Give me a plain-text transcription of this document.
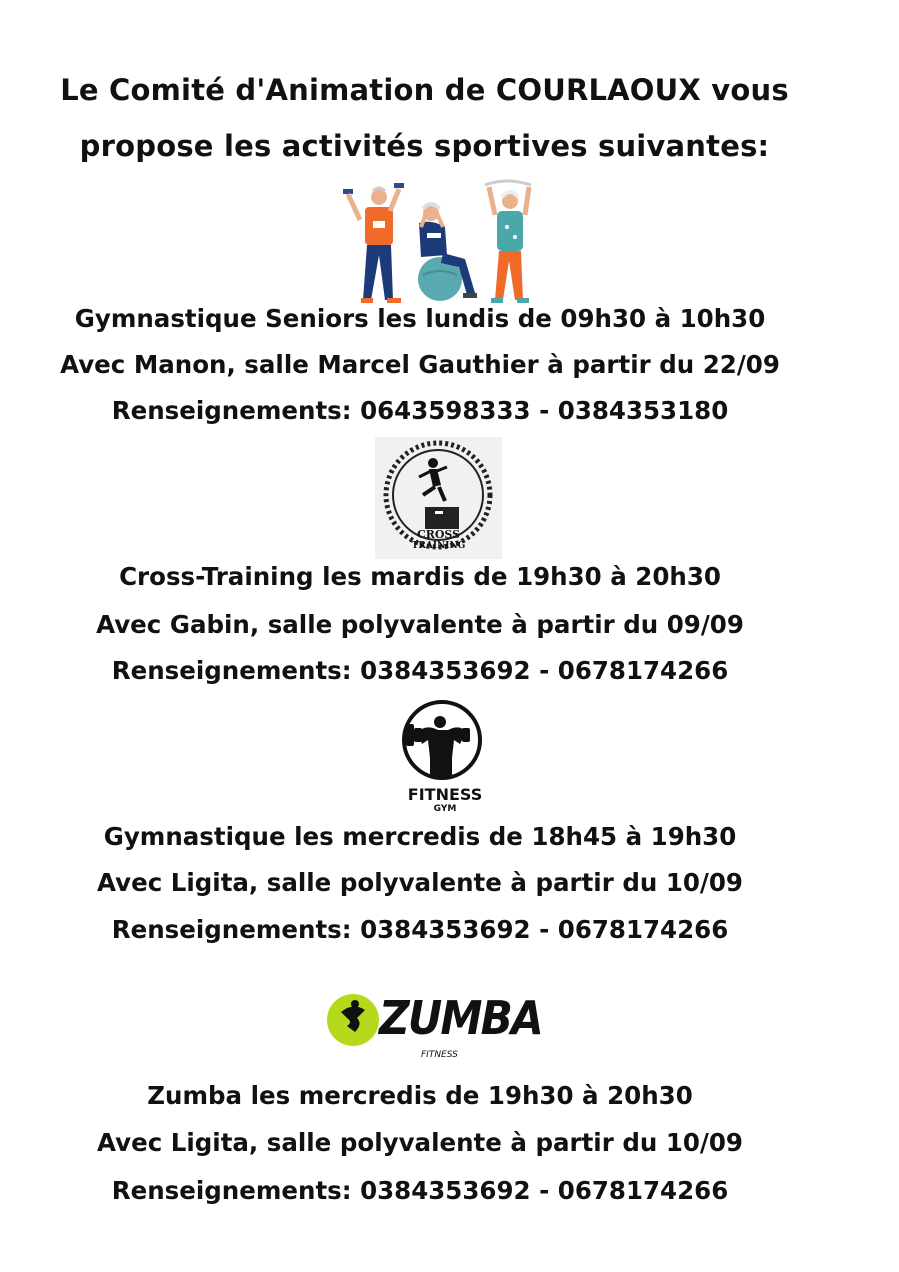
Le Comité d'Animation de COURLAOUX vous
propose les activités sportives suivantes:
Gymnastique Seniors les lundis de 09h30 à 10h30
Avec Manon, salle Marcel Gauthier à partir du 22/09
Renseignements: 0643598333 - 0384353180
CROSS
TRAINING
Cross-Training les mardis de 19h30 à 20h30
Avec Gabin, salle polyvalente à partir du 09/09
Renseignements: 0384353692 - 0678174266
FITNESS
GYM
Gymnastique les mercredis de 18h45 à 19h30
Avec Ligita, salle polyvalente à partir du 10/09
Renseignements: 0384353692 - 0678174266
ZUMBA
FITNESS
Zumba les mercredis de 19h30 à 20h30
Avec Ligita, salle polyvalente à partir du 10/09
Renseignements: 0384353692 - 0678174266
